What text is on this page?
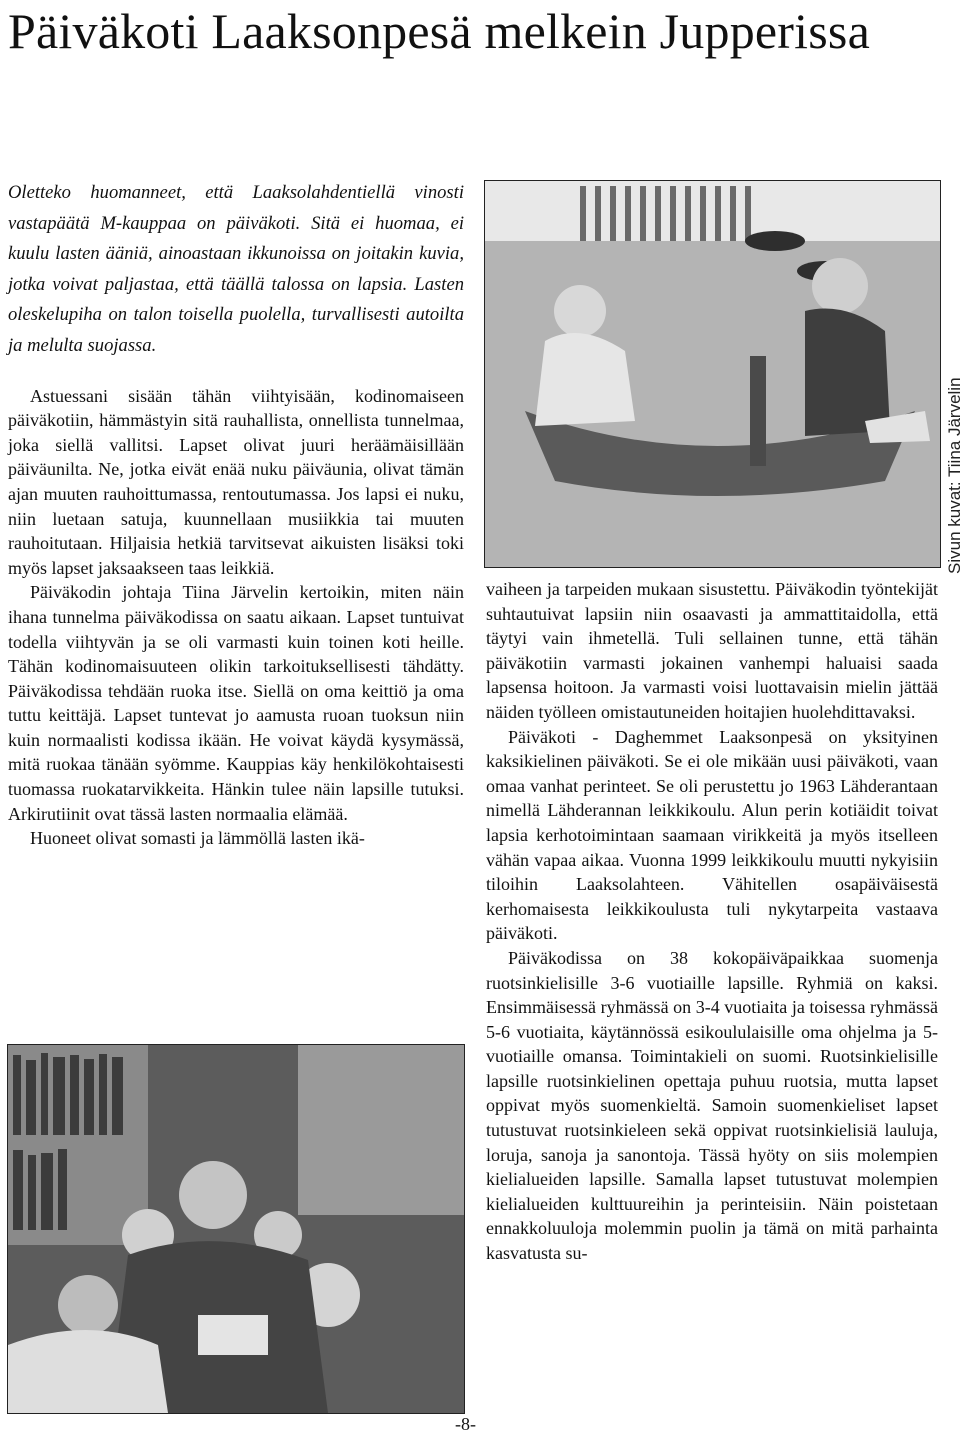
Päiväkoti Laaksonpesä melkein Jupperissa
Oletteko huomanneet, että Laaksolahdentiellä vinosti vastapäätä M-kauppaa on päiväkoti. Sitä ei huomaa, ei kuulu lasten ääniä, ainoastaan ikkunoissa on joitakin kuvia, jotka voivat paljastaa, että täällä talossa on lapsia. Lasten oleskelupiha on talon toisella puolella, turvallisesti autoilta ja melulta suojassa.

Astuessani sisään tähän viihtyisään, kodinomaiseen päiväkotiin, hämmästyin sitä rauhallista, onnellista tunnelmaa, joka siellä vallitsi. Lapset olivat juuri heräämäisillään päiväunilta. Ne, jotka eivät enää nuku päiväunia, olivat tämän ajan muuten rauhoittumassa, rentoutumassa. Jos lapsi ei nuku, niin luetaan satuja, kuunnellaan musiikkia tai muuten rauhoitutaan. Hiljaisia hetkiä tarvitsevat aikuisten lisäksi toki myös lapset jaksaakseen taas leikkiä.

Päiväkodin johtaja Tiina Järvelin kertoikin, miten näin ihana tunnelma päiväkodissa on saatu aikaan. Lapset tuntuivat todella viihtyvän ja se oli varmasti kuin toinen koti heille. Tähän kodinomaisuuteen olikin tarkoituksellisesti tähdätty. Päiväkodissa tehdään ruoka itse. Siellä on oma keittiö ja oma tuttu keittäjä. Lapset tuntevat jo aamusta ruoan tuoksun niin kuin normaalisti kodissa ikään. He voivat käydä kysymässä, mitä ruokaa tänään syömme. Kauppias käy henkilökohtaisesti tuomassa ruokatarvikkeita. Hänkin tulee näin lapsille tutuksi. Arkirutiinit ovat tässä lasten normaalia elämää.

Huoneet olivat somasti ja lämmöllä lasten ikä-

Sivun kuvat: Tiina Järvelin

vaiheen ja tarpeiden mukaan sisustettu. Päiväkodin työntekijät suhtautuivat lapsiin niin osaavasti ja ammattitaidolla, että täytyi vain ihmetellä. Tuli sellainen tunne, että tähän päiväkotiin varmasti jokainen vanhempi haluaisi saada lapsensa hoitoon. Ja varmasti voisi luottavaisin mielin jättää näiden työlleen omistautuneiden hoitajien huolehdittavaksi.

Päiväkoti - Daghemmet Laaksonpesä on yksityinen kaksikielinen päiväkoti. Se ei ole mikään uusi päiväkoti, vaan omaa vanhat perinteet. Se oli perustettu jo 1963 Lähderantaan nimellä Lähderannan leikkikoulu. Alun perin kotiäidit toivat lapsia kerhotoimintaan saamaan virikkeitä ja myös itselleen vähän vapaa aikaa. Vuonna 1999 leikkikoulu muutti nykyisiin tiloihin Laaksolahteen. Vähitellen osapäiväisestä kerhomaisesta leikkikoulusta tuli nykytarpeita vastaava päiväkoti.

Päiväkodissa on 38 kokopäiväpaikkaa suomenja ruotsinkielisille 3-6 vuotiaille lapsille. Ryhmiä on kaksi. Ensimmäisessä ryhmässä on 3-4 vuotiaita ja toisessa ryhmässä 5-6 vuotiaita, käytännössä esikoululaisille oma ohjelma ja 5-vuotiaille omansa. Toimintakieli on suomi. Ruotsinkielisille lapsille ruotsinkielinen opettaja puhuu ruotsia, mutta lapset oppivat myös suomenkieltä. Samoin suomenkieliset lapset tutustuvat ruotsinkieleen sekä oppivat ruotsinkielisiä lauluja, loruja, sanoja ja sanontoja. Tässä hyöty on siis molempien kielialueiden lapsille. Samalla lapset tutustuvat molempien kielialueiden kulttuureihin ja perinteisiin. Näin poistetaan ennakkoluuloja molemmin puolin ja tämä on mitä parhainta kasvatusta su-

-8-
